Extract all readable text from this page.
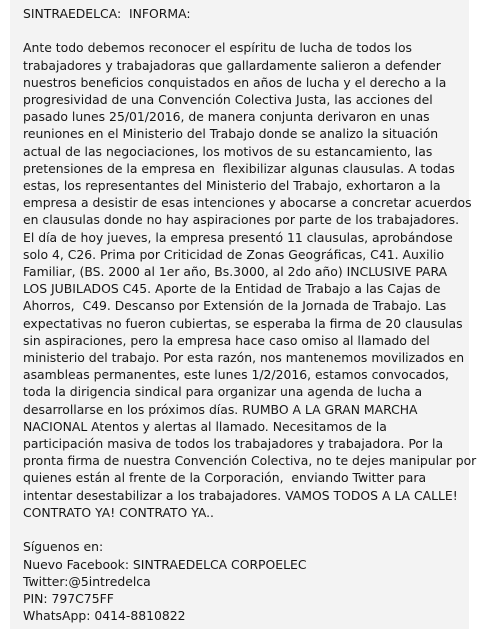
SINTRAEDELCA:  INFORMA:

Ante todo debemos reconocer el espíritu de lucha de todos los
trabajadores y trabajadoras que gallardamente salieron a defender
nuestros beneficios conquistados en años de lucha y el derecho a la
progresividad de una Convención Colectiva Justa, las acciones del
pasado lunes 25/01/2016, de manera conjunta derivaron en unas
reuniones en el Ministerio del Trabajo donde se analizo la situación
actual de las negociaciones, los motivos de su estancamiento, las
pretensiones de la empresa en  flexibilizar algunas clausulas. A todas
estas, los representantes del Ministerio del Trabajo, exhortaron a la
empresa a desistir de esas intenciones y abocarse a concretar acuerdos
en clausulas donde no hay aspiraciones por parte de los trabajadores.
El día de hoy jueves, la empresa presentó 11 clausulas, aprobándose
solo 4, C26. Prima por Criticidad de Zonas Geográficas, C41. Auxilio
Familiar, (BS. 2000 al 1er año, Bs.3000, al 2do año) INCLUSIVE PARA
LOS JUBILADOS C45. Aporte de la Entidad de Trabajo a las Cajas de
Ahorros,  C49. Descanso por Extensión de la Jornada de Trabajo. Las
expectativas no fueron cubiertas, se esperaba la firma de 20 clausulas
sin aspiraciones, pero la empresa hace caso omiso al llamado del
ministerio del trabajo. Por esta razón, nos mantenemos movilizados en
asambleas permanentes, este lunes 1/2/2016, estamos convocados,
toda la dirigencia sindical para organizar una agenda de lucha a
desarrollarse en los próximos días. RUMBO A LA GRAN MARCHA
NACIONAL Atentos y alertas al llamado. Necesitamos de la
participación masiva de todos los trabajadores y trabajadora. Por la
pronta firma de nuestra Convención Colectiva, no te dejes manipular por
quienes están al frente de la Corporación,  enviando Twitter para
intentar desestabilizar a los trabajadores. VAMOS TODOS A LA CALLE!
CONTRATO YA! CONTRATO YA..

Síguenos en:
Nuevo Facebook: SINTRAEDELCA CORPOELEC
Twitter:@5intredelca
PIN: 797C75FF
WhatsApp: 0414-8810822
